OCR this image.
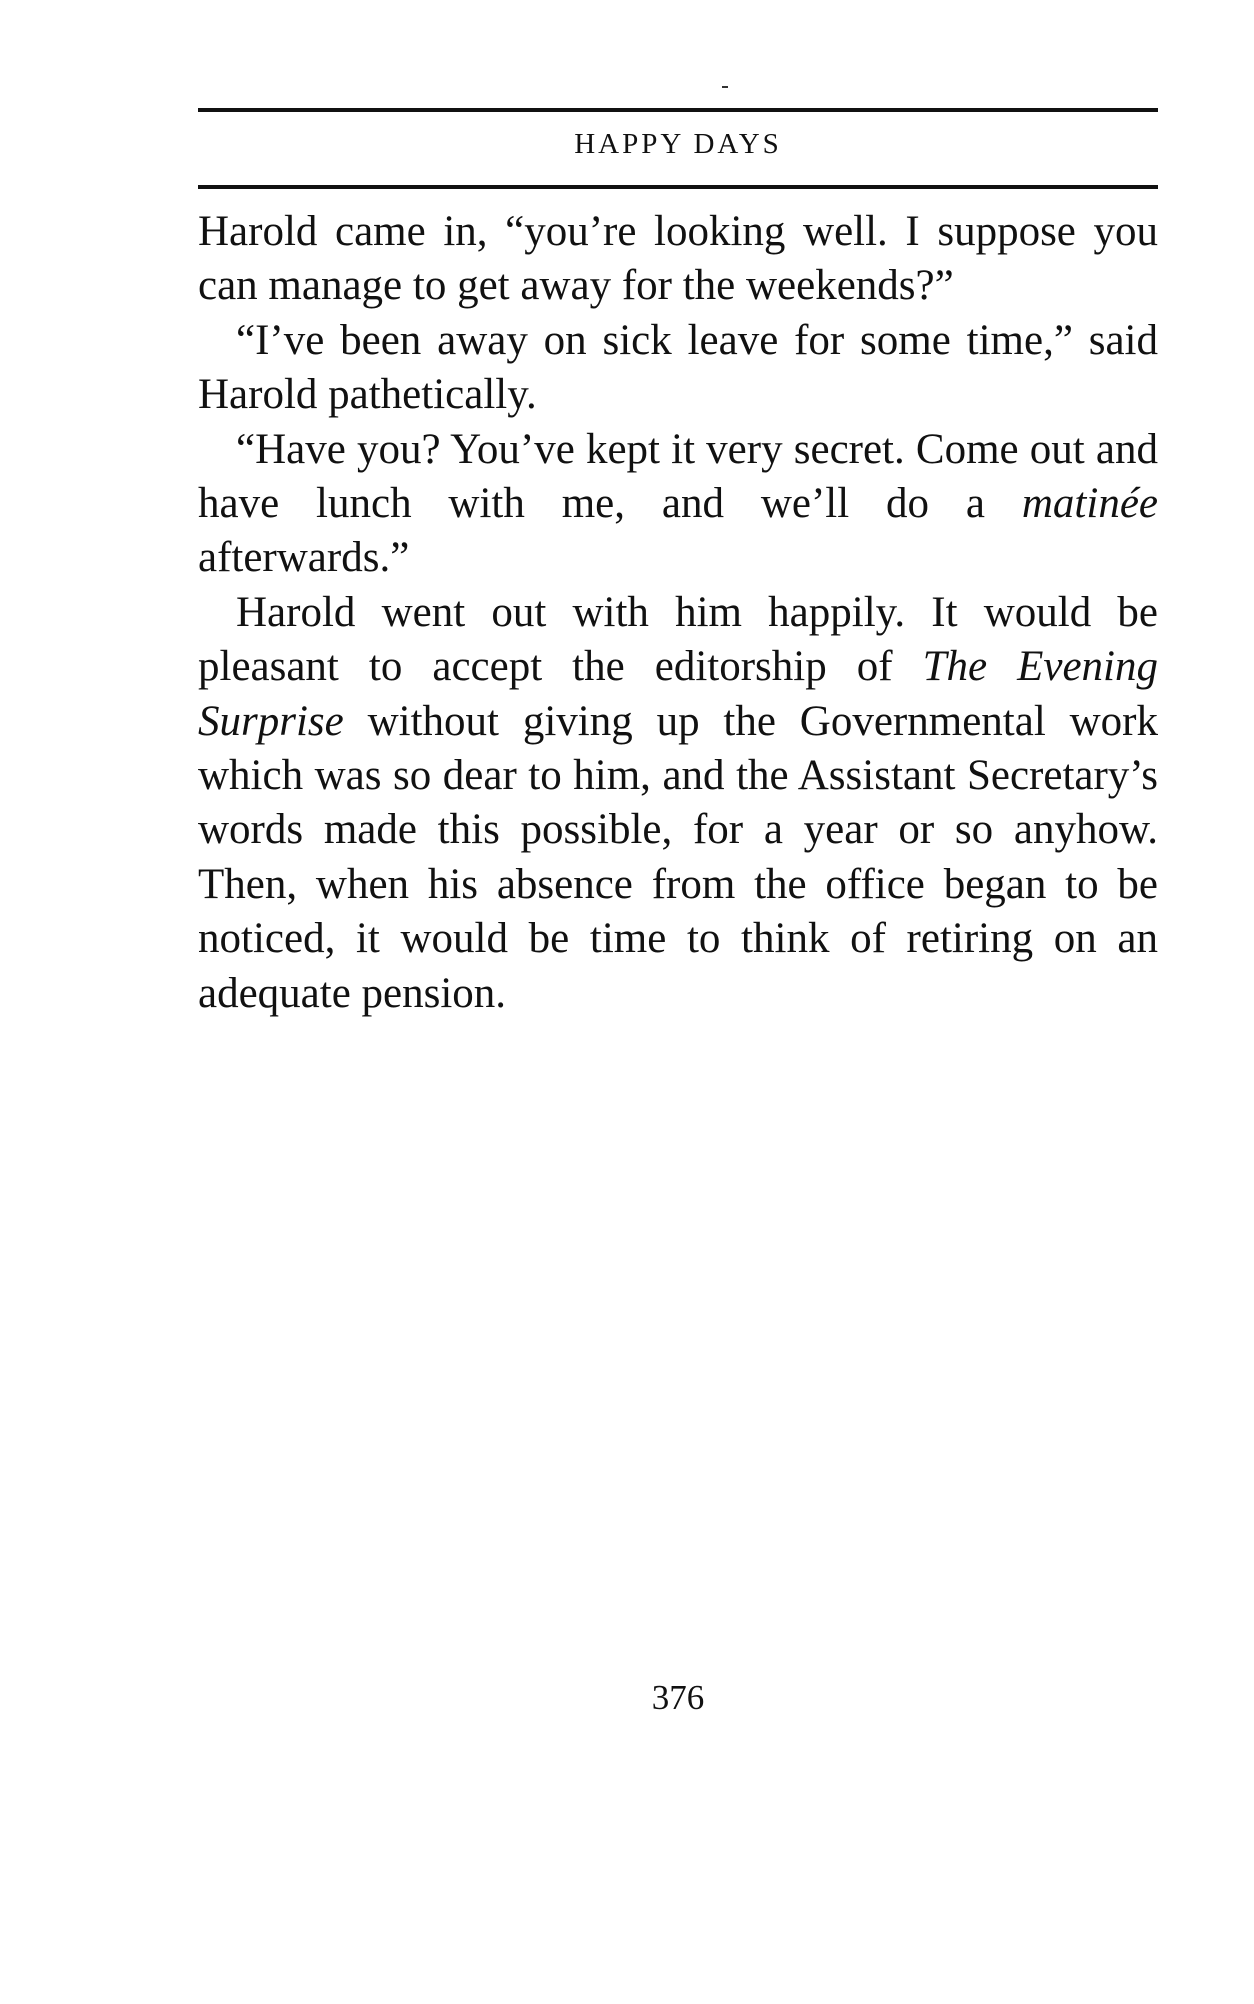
HAPPY DAYS

Harold came in, “you’re looking well. I suppose you can manage to get away for the weekends?”

“I’ve been away on sick leave for some time,” said Harold pathetically.

“Have you? You’ve kept it very secret. Come out and have lunch with me, and we’ll do a matinée afterwards.”

Harold went out with him happily. It would be pleasant to accept the editorship of The Evening Surprise without giving up the Governmental work which was so dear to him, and the Assistant Secretary’s words made this possible, for a year or so anyhow. Then, when his absence from the office began to be noticed, it would be time to think of retiring on an adequate pension.

376
